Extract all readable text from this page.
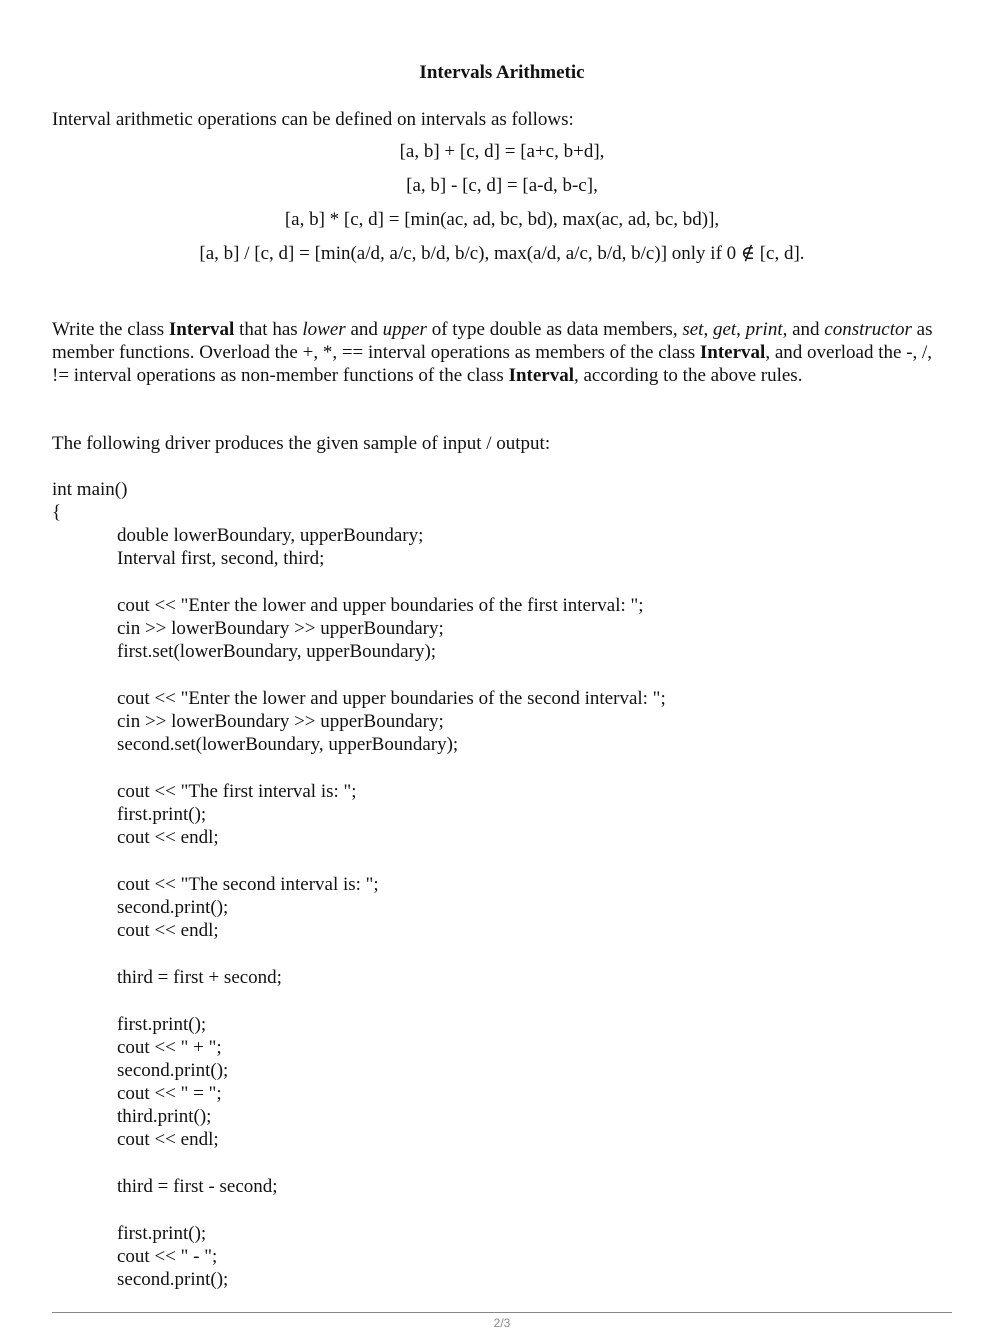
Intervals Arithmetic
Interval arithmetic operations can be defined on intervals as follows:
[a, b] + [c, d] = [a+c, b+d],
[a, b] - [c, d] = [a-d, b-c],
[a, b] * [c, d] = [min(ac, ad, bc, bd), max(ac, ad, bc, bd)],
[a, b] / [c, d] = [min(a/d, a/c, b/d, b/c), max(a/d, a/c, b/d, b/c)] only if 0 ∉ [c, d].
Write the class Interval that has lower and upper of type double as data members, set, get, print, and constructor as member functions. Overload the +, *, == interval operations as members of the class Interval, and overload the -, /, != interval operations as non-member functions of the class Interval, according to the above rules.
The following driver produces the given sample of input / output:
int main()
{
double lowerBoundary, upperBoundary;
Interval first, second, third;
cout << "Enter the lower and upper boundaries of the first interval: ";
cin >> lowerBoundary >> upperBoundary;
first.set(lowerBoundary, upperBoundary);
cout << "Enter the lower and upper boundaries of the second interval: ";
cin >> lowerBoundary >> upperBoundary;
second.set(lowerBoundary, upperBoundary);
cout << "The first interval is: ";
first.print();
cout << endl;
cout << "The second interval is: ";
second.print();
cout << endl;
third = first + second;
first.print();
cout << " + ";
second.print();
cout << " = ";
third.print();
cout << endl;
third = first - second;
first.print();
cout << " - ";
second.print();
2/3
